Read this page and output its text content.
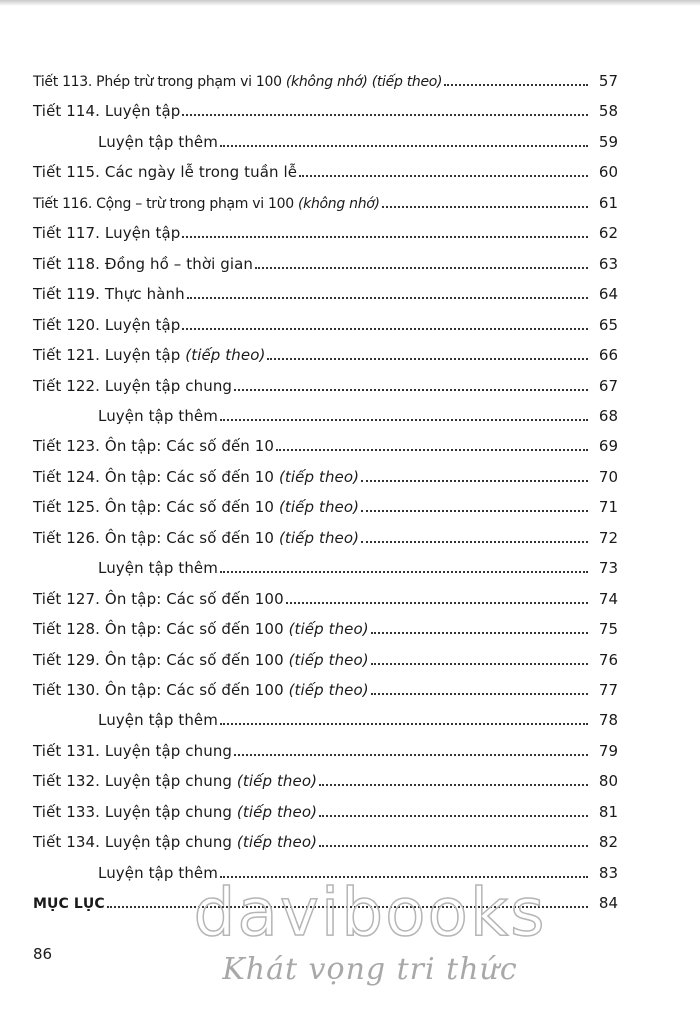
Tiết 113. Phép trừ trong phạm vi 100 (không nhớ) (tiếp theo)	57
Tiết 114. Luyện tập	58
Luyện tập thêm	59
Tiết 115. Các ngày lễ trong tuần lễ	60
Tiết 116. Cộng – trừ trong phạm vi 100 (không nhớ)	61
Tiết 117. Luyện tập	62
Tiết 118. Đồng hồ – thời gian	63
Tiết 119. Thực hành	64
Tiết 120. Luyện tập	65
Tiết 121. Luyện tập (tiếp theo)	66
Tiết 122. Luyện tập chung	67
Luyện tập thêm	68
Tiết 123. Ôn tập: Các số đến 10	69
Tiết 124. Ôn tập: Các số đến 10 (tiếp theo)	70
Tiết 125. Ôn tập: Các số đến 10 (tiếp theo)	71
Tiết 126. Ôn tập: Các số đến 10 (tiếp theo)	72
Luyện tập thêm	73
Tiết 127. Ôn tập: Các số đến 100	74
Tiết 128. Ôn tập: Các số đến 100 (tiếp theo)	75
Tiết 129. Ôn tập: Các số đến 100 (tiếp theo)	76
Tiết 130. Ôn tập: Các số đến 100 (tiếp theo)	77
Luyện tập thêm	78
Tiết 131. Luyện tập chung	79
Tiết 132. Luyện tập chung (tiếp theo)	80
Tiết 133. Luyện tập chung (tiếp theo)	81
Tiết 134. Luyện tập chung (tiếp theo)	82
Luyện tập thêm	83
MỤC LỤC	84
86
davibooks
Khát vọng tri thức
